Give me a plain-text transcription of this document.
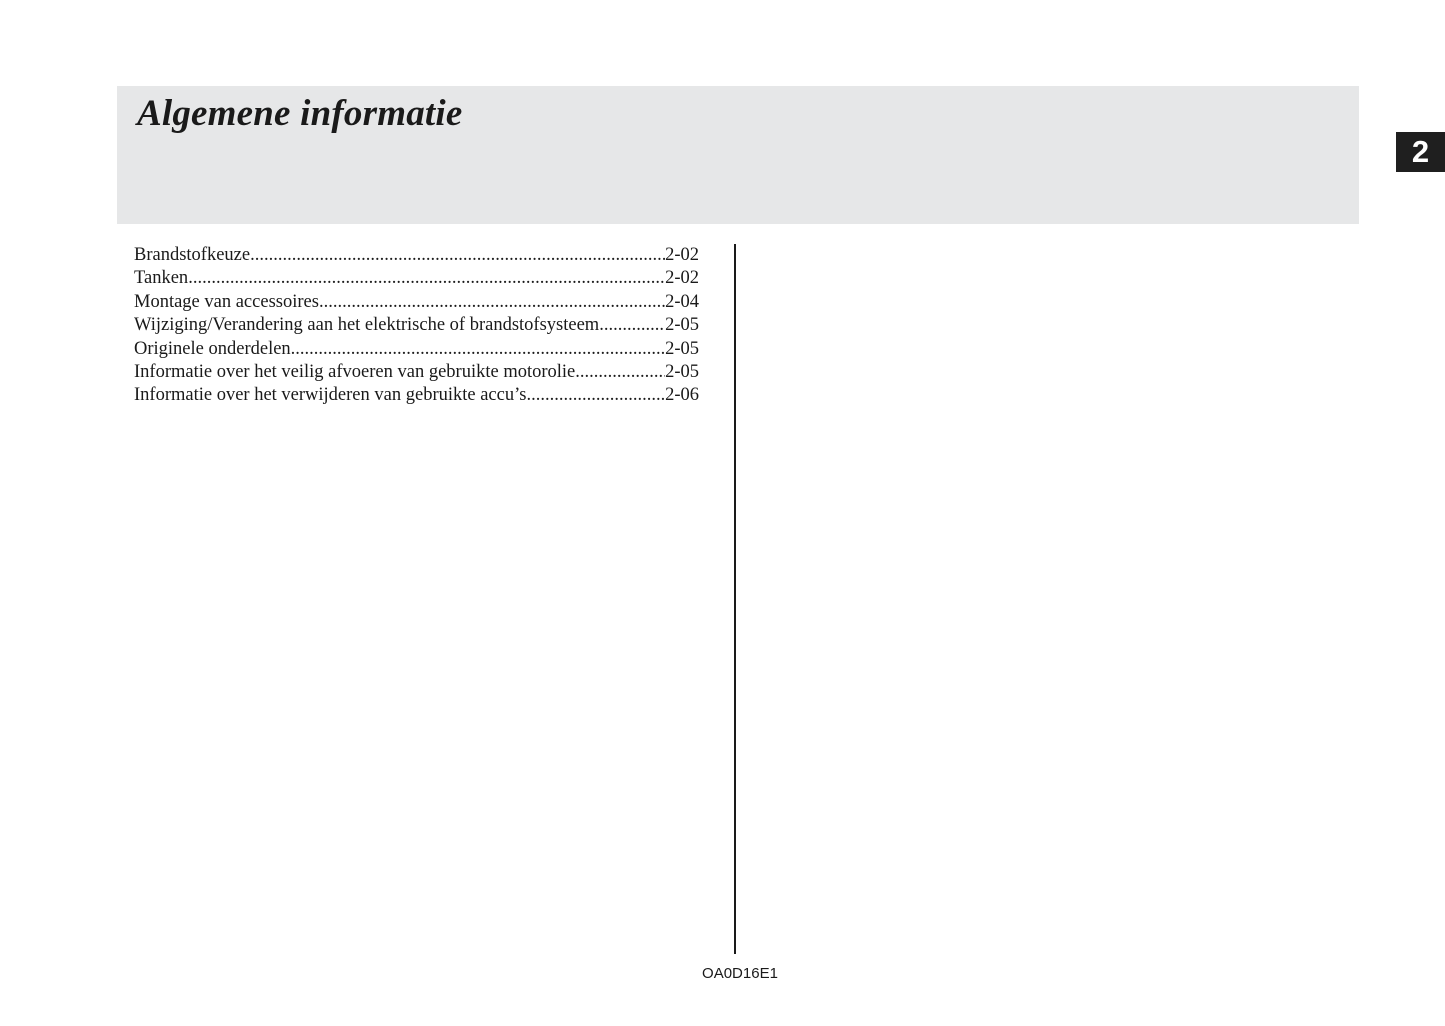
Algemene informatie
2
Brandstofkeuze .....	2-02
Tanken .....	2-02
Montage van accessoires .....	2-04
Wijziging/Verandering aan het elektrische of brandstofsysteem .....	2-05
Originele onderdelen .....	2-05
Informatie over het veilig afvoeren van gebruikte motorolie .....	2-05
Informatie over het verwijderen van gebruikte accu’s .....	2-06
OA0D16E1
